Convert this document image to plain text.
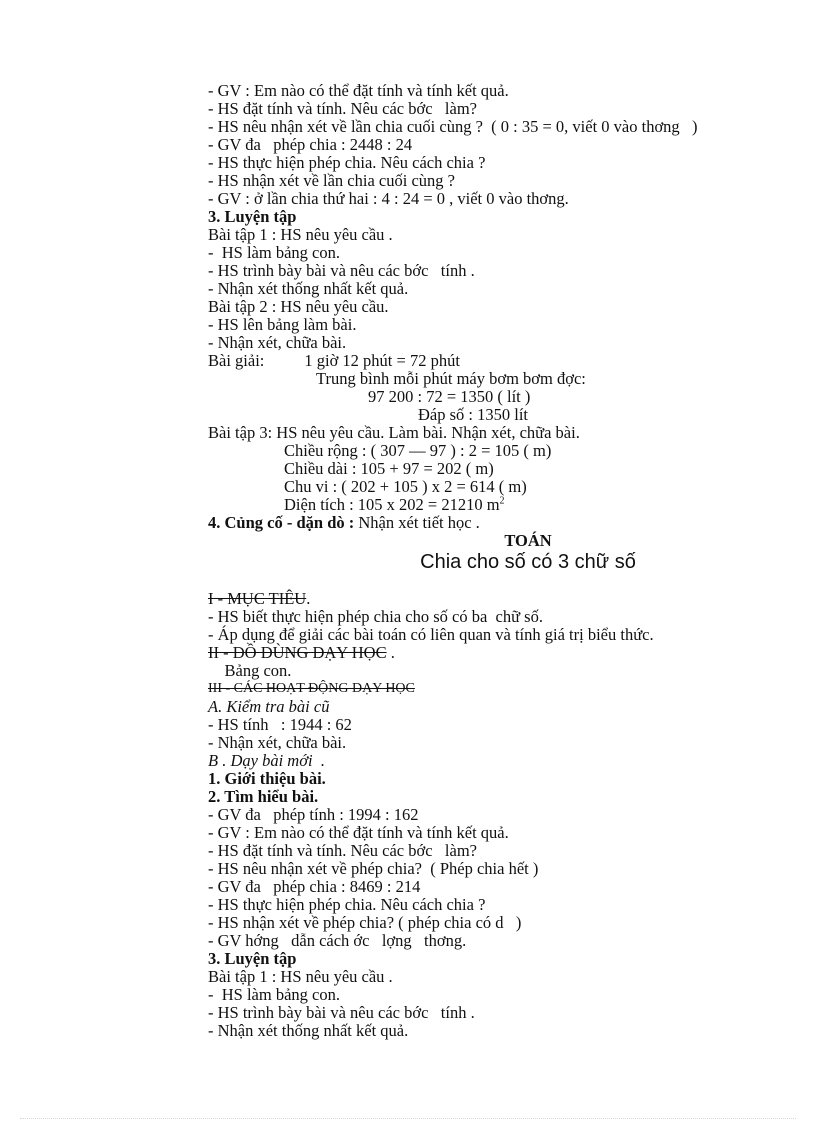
- GV : Em nào có thể đặt tính và tính kết quả.
- HS đặt tính và tính. Nêu các bớc   làm?
- HS nêu nhận xét về lần chia cuối cùng ?  ( 0 : 35 = 0, viết 0 vào thơng   )
- GV đa   phép chia : 2448 : 24
- HS thực hiện phép chia. Nêu cách chia ?
- HS nhận xét về lần chia cuối cùng ?
- GV : ở lần chia thứ hai : 4 : 24 = 0 , viết 0 vào thơng.
3. Luyện tập
Bài tập 1 : HS nêu yêu cầu .
-  HS làm bảng con.
- HS trình bày bài và nêu các bớc   tính .
- Nhận xét thống nhất kết quả.
Bài tập 2 : HS nêu yêu cầu.
- HS lên bảng làm bài.
- Nhận xét, chữa bài.
Bài giải: 1 giờ 12 phút = 72 phút
Trung bình mỗi phút máy bơm bơm đợc:
97 200 : 72 = 1350 ( lít )
Đáp số : 1350 lít
Bài tập 3: HS nêu yêu cầu. Làm bài. Nhận xét, chữa bài.
Chiều rộng : ( 307 — 97 ) : 2 = 105 ( m)
Chiều dài : 105 + 97 = 202 ( m)
Chu vi : ( 202 + 105 ) x 2 = 614 ( m)
Diện tích : 105 x 202 = 21210 $m^2$
4. Củng cố - dặn dò : Nhận xét tiết học .
TOÁN
Chia cho số có 3 chữ số
I - MỤC TIÊU.
- HS biết thực hiện phép chia cho số có ba  chữ số.
- Áp dụng để giải các bài toán có liên quan và tính giá trị biểu thức.
II - ĐỒ DÙNG DẠY HỌC .
Bảng con.
III - CÁC HOẠT ĐỘNG DẠY HỌC
A. Kiểm tra bài cũ
- HS tính   : 1944 : 62
- Nhận xét, chữa bài.
B . Dạy bài mới  .
1. Giới thiệu bài.
2. Tìm hiểu bài.
- GV đa   phép tính : 1994 : 162
- GV : Em nào có thể đặt tính và tính kết quả.
- HS đặt tính và tính. Nêu các bớc   làm?
- HS nêu nhận xét về phép chia?  ( Phép chia hết )
- GV đa   phép chia : 8469 : 214
- HS thực hiện phép chia. Nêu cách chia ?
- HS nhận xét về phép chia? ( phép chia có d   )
- GV hớng   dẫn cách ớc   lợng   thơng.
3. Luyện tập
Bài tập 1 : HS nêu yêu cầu .
-  HS làm bảng con.
- HS trình bày bài và nêu các bớc   tính .
- Nhận xét thống nhất kết quả.
